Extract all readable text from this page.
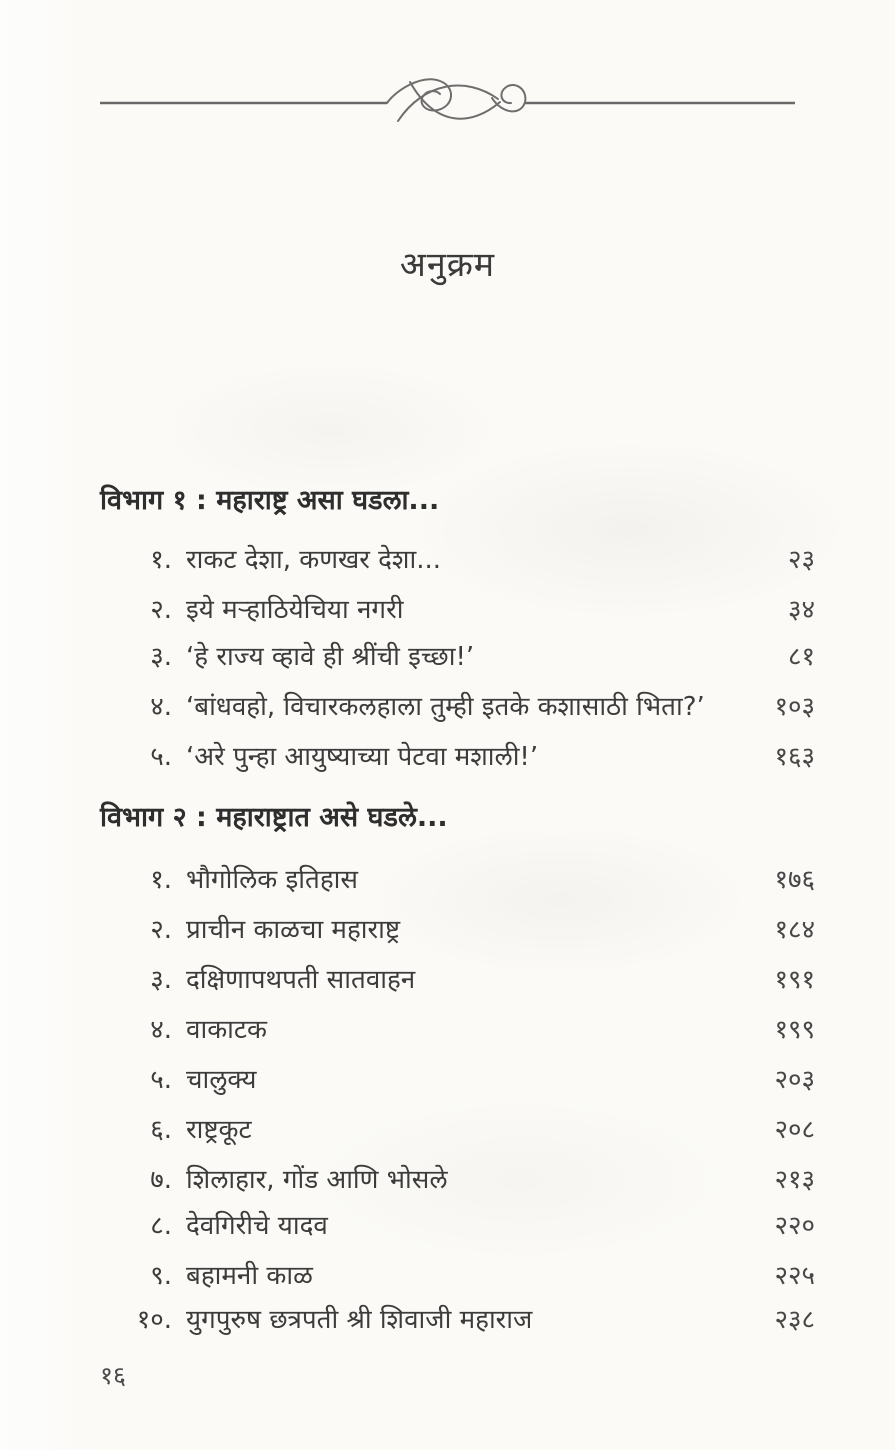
अनुक्रम
विभाग १ : महाराष्ट्र असा घडला...
१. राकट देशा, कणखर देशा...	२३
२. इये मऱ्हाठियेचिया नगरी	३४
३. ‘हे राज्य व्हावे ही श्रींची इच्छा!’	८१
४. ‘बांधवहो, विचारकलहाला तुम्ही इतके कशासाठी भिता?’	१०३
५. ‘अरे पुन्हा आयुष्याच्या पेटवा मशाली!’	१६३
विभाग २ : महाराष्ट्रात असे घडले...
१. भौगोलिक इतिहास	१७६
२. प्राचीन काळचा महाराष्ट्र	१८४
३. दक्षिणापथपती सातवाहन	१९१
४. वाकाटक	१९९
५. चालुक्य	२०३
६. राष्ट्रकूट	२०८
७. शिलाहार, गोंड आणि भोसले	२१३
८. देवगिरीचे यादव	२२०
९. बहामनी काळ	२२५
१०. युगपुरुष छत्रपती श्री शिवाजी महाराज	२३८
१६
